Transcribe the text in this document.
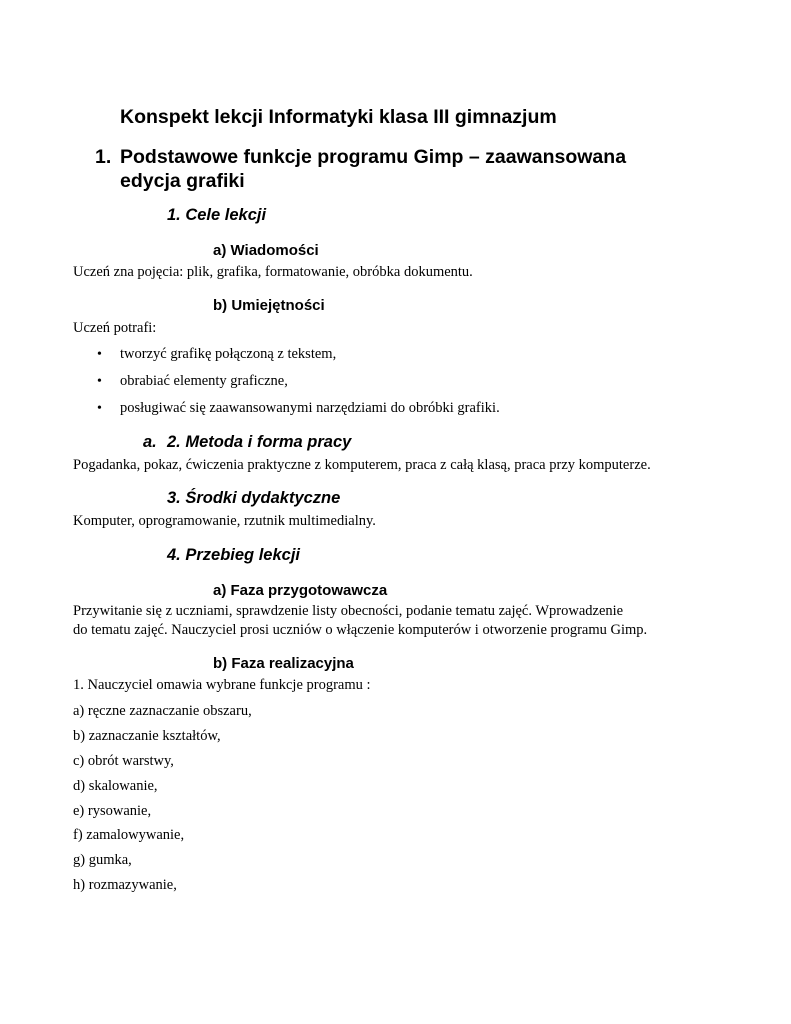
Konspekt lekcji Informatyki klasa III gimnazjum
1. Podstawowe funkcje programu Gimp – zaawansowana
edycja grafiki
1. Cele lekcji
a) Wiadomości
Uczeń zna pojęcia: plik, grafika, formatowanie, obróbka dokumentu.
b) Umiejętności
Uczeń potrafi:
• tworzyć grafikę połączoną z tekstem,
• obrabiać elementy graficzne,
• posługiwać się zaawansowanymi narzędziami do obróbki grafiki.
a. 2. Metoda i forma pracy
Pogadanka, pokaz, ćwiczenia praktyczne z komputerem, praca z całą klasą, praca przy komputerze.
3. Środki dydaktyczne
Komputer, oprogramowanie, rzutnik multimedialny.
4. Przebieg lekcji
a) Faza przygotowawcza
Przywitanie się z uczniami, sprawdzenie listy obecności, podanie tematu zajęć. Wprowadzenie
do tematu zajęć. Nauczyciel prosi uczniów o włączenie komputerów i otworzenie programu Gimp.
b) Faza realizacyjna
1. Nauczyciel omawia wybrane funkcje programu :
a) ręczne zaznaczanie obszaru,
b) zaznaczanie kształtów,
c) obrót warstwy,
d) skalowanie,
e) rysowanie,
f) zamalowywanie,
g) gumka,
h) rozmazywanie,
